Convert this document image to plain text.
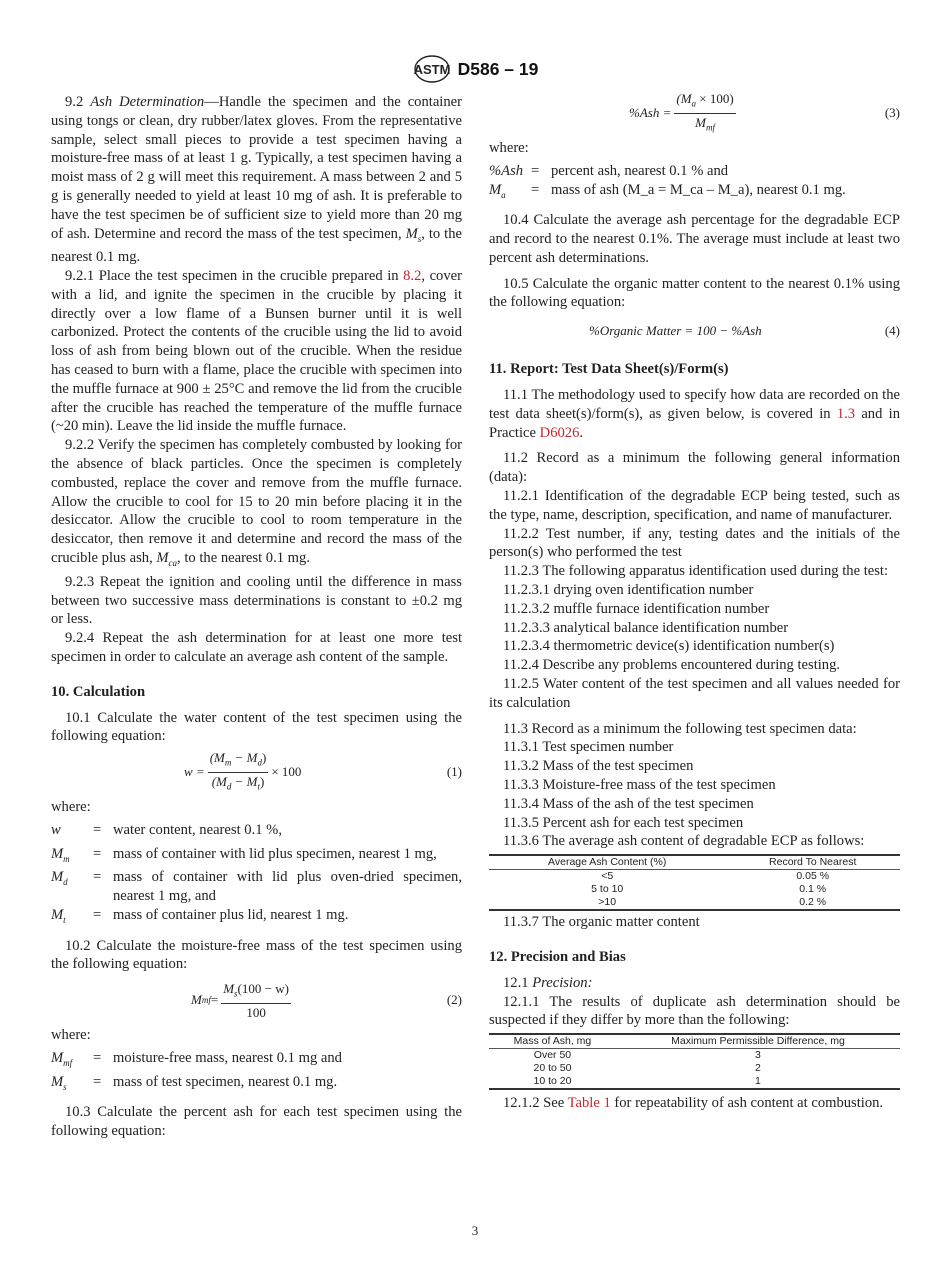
ASTM D586 – 19

9.2 Ash Determination—Handle the specimen and the container using tongs or clean, dry rubber/latex gloves. From the representative sample, select small pieces to provide a test specimen having a moisture-free mass of at least 1 g. Typically, a test specimen having a moist mass of 2 g will meet this requirement. A mass between 2 and 5 g is generally needed to yield at least 10 mg of ash. It is preferable to have the test specimen be of sufficient size to yield more than 20 mg of ash. Determine and record the mass of the test specimen, $M_s$, to the nearest 0.1 mg.

9.2.1 Place the test specimen in the crucible prepared in 8.2, cover with a lid, and ignite the specimen in the crucible by placing it directly over a low flame of a Bunsen burner until it is well carbonized. Protect the contents of the crucible using the lid to avoid loss of ash from being blown out of the crucible. When the residue has ceased to burn with a flame, place the crucible with specimen into the muffle furnace at 900 ± 25°C and remove the lid from the crucible after the crucible has reached the temperature of the muffle furnace (~20 min). Leave the lid inside the muffle furnace.

9.2.2 Verify the specimen has completely combusted by looking for the absence of black particles. Once the specimen is completely combusted, replace the cover and remove from the muffle furnace. Allow the crucible to cool for 15 to 20 min before placing it in the desiccator. Allow the crucible to cool to room temperature in the desiccator, then remove it and determine and record the mass of the crucible plus ash, $M_{ca}$, to the nearest 0.1 mg.

9.2.3 Repeat the ignition and cooling until the difference in mass between two successive mass determinations is constant to ±0.2 mg or less.

9.2.4 Repeat the ash determination for at least one more test specimen in order to calculate an average ash content of the sample.

10. Calculation

10.1 Calculate the water content of the test specimen using the following equation:

$w = \frac{(M_m - M_d)}{(M_d - M_t)} \times 100$	(1)

where:

w	= water content, nearest 0.1 %,
$M_m$	= mass of container with lid plus specimen, nearest 1 mg,
$M_d$	= mass of container with lid plus oven-dried specimen, nearest 1 mg, and
$M_t$	= mass of container plus lid, nearest 1 mg.

10.2 Calculate the moisture-free mass of the test specimen using the following equation:

M mf = $\frac{M_s(100 - w)}{100}$	(2)

where:

$M_{mf}$	= moisture-free mass, nearest 0.1 mg and
$M_s$	= mass of test specimen, nearest 0.1 mg.

10.3 Calculate the percent ash for each test specimen using the following equation:

$\%Ash = \frac{(M_a \times 100)}{M_{mf}}$	(3)

where:

%Ash = percent ash, nearest 0.1 % and
$M_a$	= mass of ash (M_a = M_ca – M_a), nearest 0.1 mg.

10.4 Calculate the average ash percentage for the degradable ECP and record to the nearest 0.1%. The average must include at least two percent ash determinations.

10.5 Calculate the organic matter content to the nearest 0.1% using the following equation:

%Organic Matter = 100 − %Ash	(4)
11. Report: Test Data Sheet(s)/Form(s)

11.1 The methodology used to specify how data are recorded on the test data sheet(s)/form(s), as given below, is covered in 1.3 and in Practice D6026.

11.2 Record as a minimum the following general information (data):

11.2.1 Identification of the degradable ECP being tested, such as the type, name, description, specification, and name of manufacturer.

11.2.2 Test number, if any, testing dates and the initials of the person(s) who performed the test

11.2.3 The following apparatus identification used during the test:

11.2.3.1 drying oven identification number

11.2.3.2 muffle furnace identification number

11.2.3.3 analytical balance identification number

11.2.3.4 thermometric device(s) identification number(s)

11.2.4 Describe any problems encountered during testing.

11.2.5 Water content of the test specimen and all values needed for its calculation

11.3 Record as a minimum the following test specimen data:

11.3.1 Test specimen number

11.3.2 Mass of the test specimen

11.3.3 Moisture-free mass of the test specimen

11.3.4 Mass of the ash of the test specimen

11.3.5 Percent ash for each test specimen

11.3.6 The average ash content of degradable ECP as follows:

Average Ash Content (%)	Record To Nearest
<5	0.05 %
5 to 10	0.1 %
>10	0.2 %

11.3.7 The organic matter content

12. Precision and Bias

12.1 Precision:

12.1.1 The results of duplicate ash determination should be suspected if they differ by more than the following:

Mass of Ash, mg	Maximum Permissible Difference, mg
Over 50	3
20 to 50	2
10 to 20	1

12.1.2 See Table 1 for repeatability of ash content at combustion.

3
